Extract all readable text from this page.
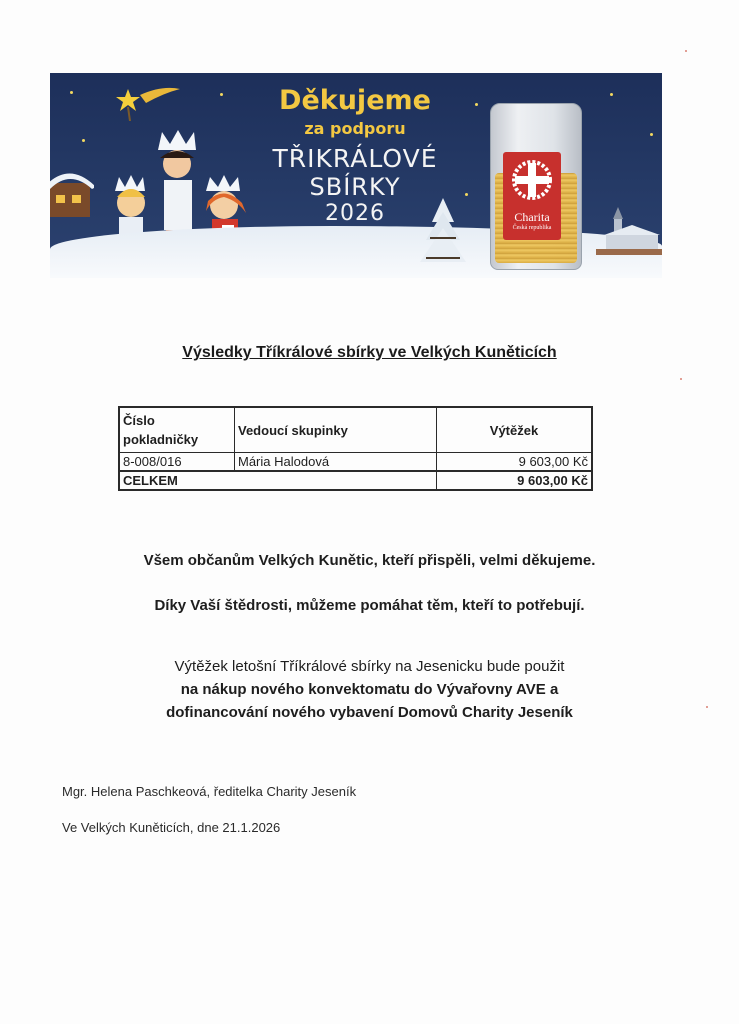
Děkujeme
za podporu
TŘIKRÁLOVÉ
SBÍRKY
2026	Charita
Česká republika
Výsledky Tříkrálové sbírky ve Velkých Kuněticích
Číslo pokladničky	Vedoucí skupinky	Výtěžek
8-008/016	Mária Halodová	9 603,00 Kč
CELKEM		9 603,00 Kč
Všem občanům Velkých Kunětic, kteří přispěli, velmi děkujeme.
Díky Vaší štědrosti, můžeme pomáhat těm, kteří to potřebují.
Výtěžek letošní Tříkrálové sbírky na Jesenicku bude použit
na nákup nového konvektomatu do Vývařovny AVE a
dofinancování nového vybavení Domovů Charity Jeseník
Mgr. Helena Paschkeová, ředitelka Charity Jeseník
Ve Velkých Kuněticích, dne 21.1.2026
